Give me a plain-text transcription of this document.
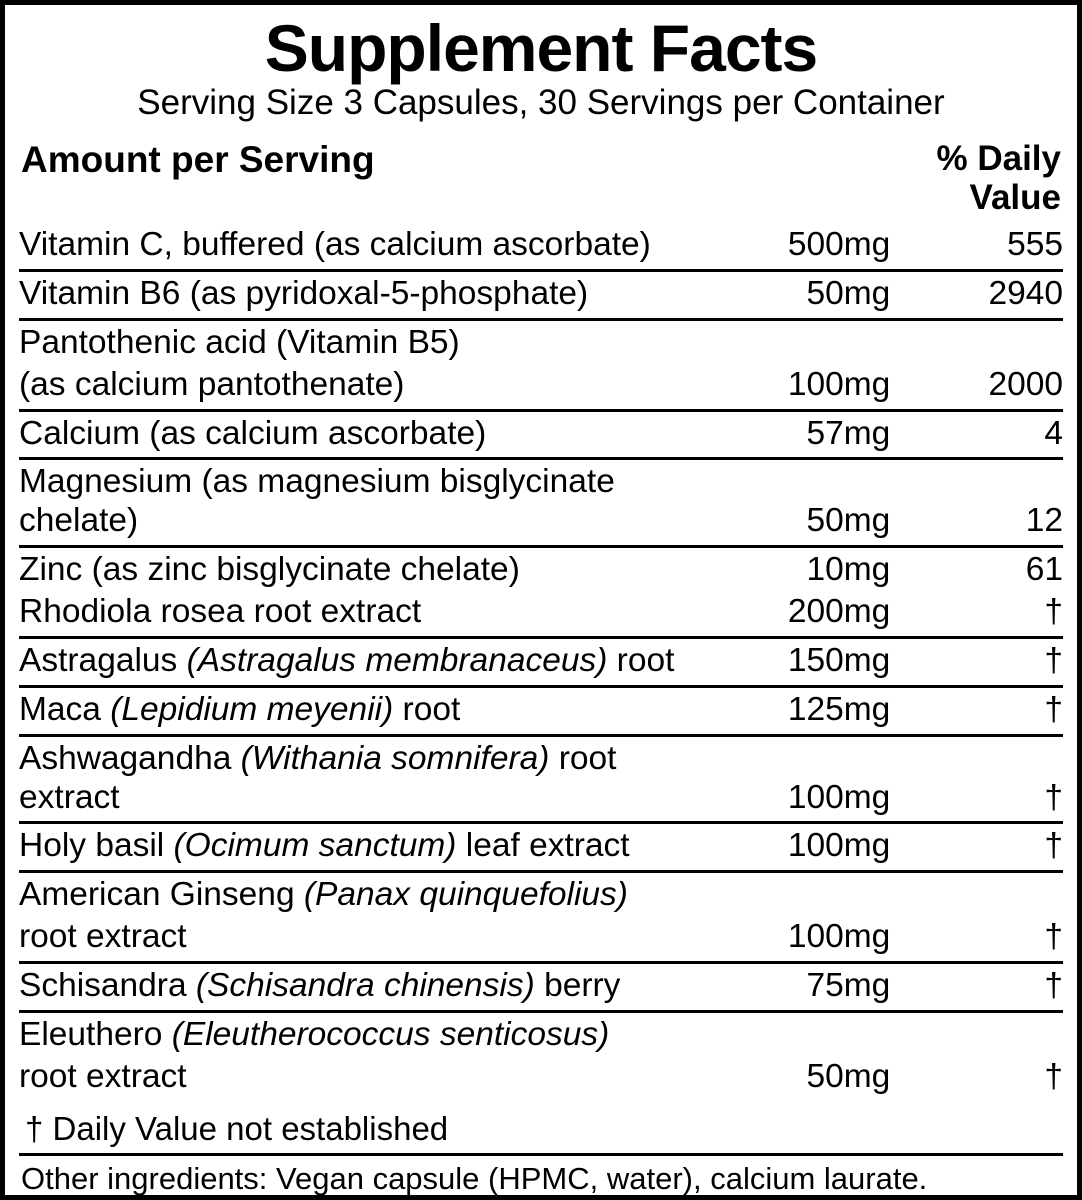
Supplement Facts
Serving Size 3 Capsules, 30 Servings per Container
Amount per Serving	% Daily
Value
Vitamin C, buffered (as calcium ascorbate)	500	mg	555
Vitamin B6 (as pyridoxal-5-phosphate)	50	mg	2940
Pantothenic acid (Vitamin B5)			
(as calcium pantothenate)	100	mg	2000
Calcium (as calcium ascorbate)	57	mg	4
Magnesium (as magnesium bisglycinate chelate)	50	mg	12
Zinc (as zinc bisglycinate chelate)	10	mg	61
Rhodiola rosea root extract	200	mg	†
Astragalus (Astragalus membranaceus) root	150	mg	†
Maca (Lepidium meyenii) root	125	mg	†
Ashwagandha (Withania somnifera) root extract	100	mg	†
Holy basil (Ocimum sanctum) leaf extract	100	mg	†
American Ginseng (Panax quinquefolius)			
root extract	100	mg	†
Schisandra (Schisandra chinensis) berry	75	mg	†
Eleuthero (Eleutherococcus senticosus)			
root extract	50	mg	†
† Daily Value not established
Other ingredients: Vegan capsule (HPMC, water), calcium laurate.
